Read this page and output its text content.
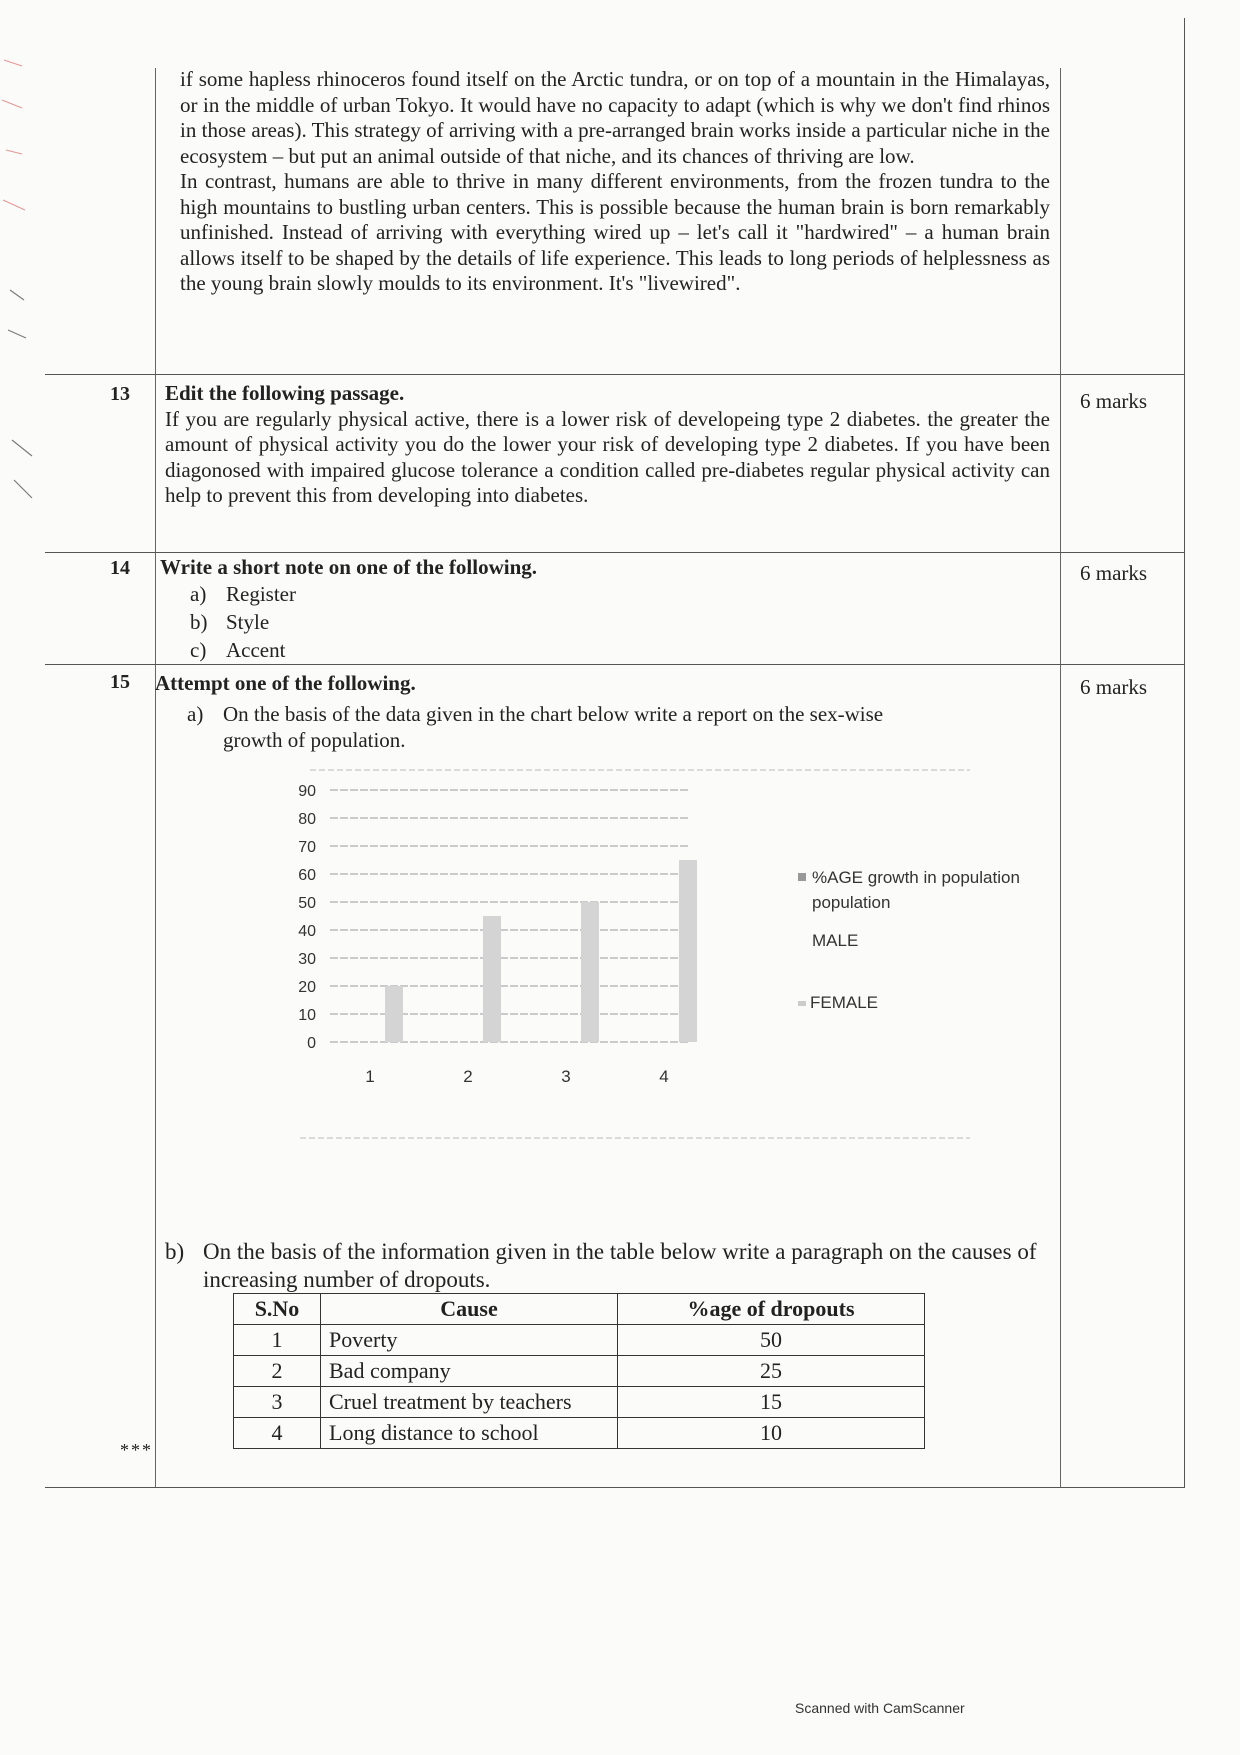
if some hapless rhinoceros found itself on the Arctic tundra, or on top of a mountain in the Himalayas, or in the middle of urban Tokyo. It would have no capacity to adapt (which is why we don't find rhinos in those areas). This strategy of arriving with a pre-arranged brain works inside a particular niche in the ecosystem – but put an animal outside of that niche, and its chances of thriving are low.
In contrast, humans are able to thrive in many different environments, from the frozen tundra to the high mountains to bustling urban centers. This is possible because the human brain is born remarkably unfinished. Instead of arriving with everything wired up – let's call it "hardwired" – a human brain allows itself to be shaped by the details of life experience. This leads to long periods of helplessness as the young brain slowly moulds to its environment. It's "livewired".
13 Edit the following passage.
If you are regularly physical active, there is a lower risk of developeing type 2 diabetes. the greater the amount of physical activity you do the lower your risk of developing type 2 diabetes. If you have been diagonosed with impaired glucose tolerance a condition called pre-diabetes regular physical activity can help to prevent this from developing into diabetes.
6 marks
14 Write a short note on one of the following.
a) Register
b) Style
c) Accent
6 marks
15 Attempt one of the following.	6 marks
a) On the basis of the data given in the chart below write a report on the sex-wise growth of population.
90
80
70
60
50
40
30
20
10
0
1	2	3	4
%AGE growth in population
population
MALE
FEMALE
b) On the basis of the information given in the table below write a paragraph on the causes of increasing number of dropouts.
S.No	Cause	%age of dropouts
1	Poverty	50
2	Bad company	25
3	Cruel treatment by teachers	15
4	Long distance to school	10
***
Scanned with CamScanner
